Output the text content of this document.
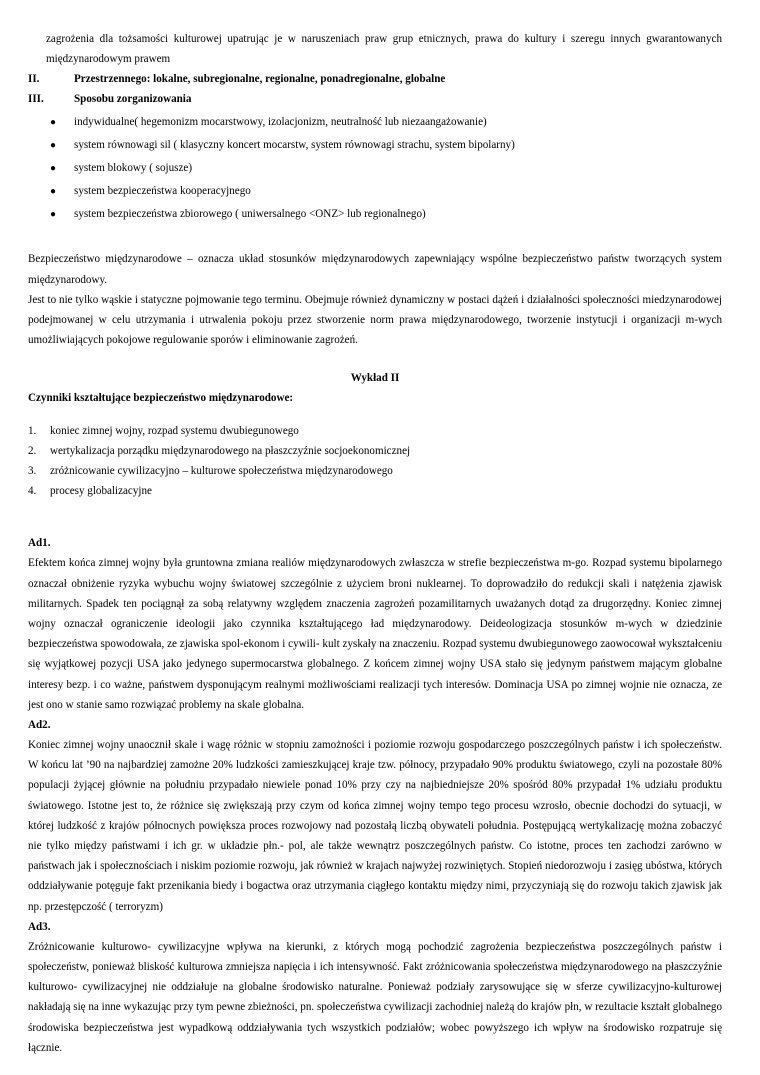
zagrożenia dla tożsamości kulturowej upatrując je w naruszeniach praw grup etnicznych, prawa do kultury i szeregu innych gwarantowanych międzynarodowym prawem

II.	Przestrzennego: lokalne, subregionalne, regionalne, ponadregionalne, globalne
III.	Sposobu zorganizowania
●	indywidualne( hegemonizm mocarstwowy, izolacjonizm, neutralność lub niezaangażowanie)
●	system równowagi sil ( klasyczny koncert mocarstw, system równowagi strachu, system bipolarny)
●	system blokowy ( sojusze)
●	system bezpieczeństwa kooperacyjnego
●	system bezpieczeństwa zbiorowego ( uniwersalnego <ONZ> lub regionalnego)

Bezpieczeństwo międzynarodowe – oznacza układ stosunków międzynarodowych zapewniający wspólne bezpieczeństwo państw tworzących system międzynarodowy.

Jest to nie tylko wąskie i statyczne pojmowanie tego terminu. Obejmuje również dynamiczny w postaci dążeń i działalności społeczności miedzynarodowej podejmowanej w celu utrzymania i utrwalenia pokoju przez stworzenie norm prawa międzynarodowego, tworzenie instytucji i organizacji m-wych umożliwiających pokojowe regulowanie sporów i eliminowanie zagrożeń.

Wykład II

Czynniki kształtujące bezpieczeństwo międzynarodowe:

1.	koniec zimnej wojny, rozpad systemu dwubiegunowego
2.	wertykalizacja porządku międzynarodowego na płaszczyźnie socjoekonomicznej
3.	zróżnicowanie cywilizacyjno – kulturowe społeczeństwa międzynarodowego
4.	procesy globalizacyjne

Ad1.

Efektem końca zimnej wojny była gruntowna zmiana realiów międzynarodowych zwłaszcza w strefie bezpieczeństwa m-go. Rozpad systemu bipolarnego oznaczał obniżenie ryzyka wybuchu wojny światowej szczególnie z użyciem broni nuklearnej. To doprowadziło do redukcji skali i natężenia zjawisk militarnych. Spadek ten pociągnął za sobą relatywny względem znaczenia zagrożeń pozamilitarnych uważanych dotąd za drugorzędny. Koniec zimnej wojny oznaczał ograniczenie ideologii jako czynnika kształtującego ład międzynarodowy. Deideologizacja stosunków m-wych w dziedzinie bezpieczeństwa spowodowała, ze zjawiska spol-ekonom i cywili- kult zyskały na znaczeniu. Rozpad systemu dwubiegunowego zaowocował wykształceniu się wyjątkowej pozycji USA jako jedynego supermocarstwa globalnego. Z końcem zimnej wojny USA stało się jedynym państwem mającym globalne interesy bezp. i co ważne, państwem dysponującym realnymi możliwościami realizacji tych interesów. Dominacja USA po zimnej wojnie nie oznacza, ze jest ono w stanie samo rozwiązać problemy na skale globalna.

Ad2.

Koniec zimnej wojny unaocznił skale i wagę różnic w stopniu zamożności i poziomie rozwoju gospodarczego poszczególnych państw i ich społeczeństw. W końcu lat ’90 na najbardziej zamożne 20% ludzkości zamieszkującej kraje tzw. północy, przypadało 90% produktu światowego, czyli na pozostałe 80% populacji żyjącej głównie na południu przypadało niewiele ponad 10% przy czy na najbiedniejsze 20% spośród 80% przypadał 1% udziału produktu światowego. Istotne jest to, że różnice się zwiększają przy czym od końca zimnej wojny tempo tego procesu wzrosło, obecnie dochodzi do sytuacji, w której ludzkość z krajów północnych powiększa proces rozwojowy nad pozostałą liczbą obywateli południa. Postępującą wertykalizację można zobaczyć nie tylko między państwami i ich gr. w układzie płn.- pol, ale także wewnątrz poszczególnych państw. Co istotne, proces ten zachodzi zarówno w państwach jak i społecznościach i niskim poziomie rozwoju, jak również w krajach najwyżej rozwiniętych. Stopień niedorozwoju i zasięg ubóstwa, których oddziaływanie potęguje fakt przenikania biedy i bogactwa oraz utrzymania ciągłego kontaktu między nimi, przyczyniają się do rozwoju takich zjawisk jak np. przestępczość ( terroryzm)

Ad3.

Zróżnicowanie kulturowo- cywilizacyjne wpływa na kierunki, z których mogą pochodzić zagrożenia bezpieczeństwa poszczególnych państw i społeczeństw, ponieważ bliskość kulturowa zmniejsza napięcia i ich intensywność. Fakt zróżnicowania społeczeństwa międzynarodowego na płaszczyźnie kulturowo- cywilizacyjnej nie oddziałuje na globalne środowisko naturalne. Ponieważ podziały zarysowujące się w sferze cywilizacyjno-kulturowej nakładają się na inne wykazując przy tym pewne zbieżności, pn. społeczeństwa cywilizacji zachodniej należą do krajów płn, w rezultacie kształt globalnego środowiska bezpieczeństwa jest wypadkową oddziaływania tych wszystkich podziałów; wobec powyższego ich wpływ na środowisko rozpatruje się łącznie.
